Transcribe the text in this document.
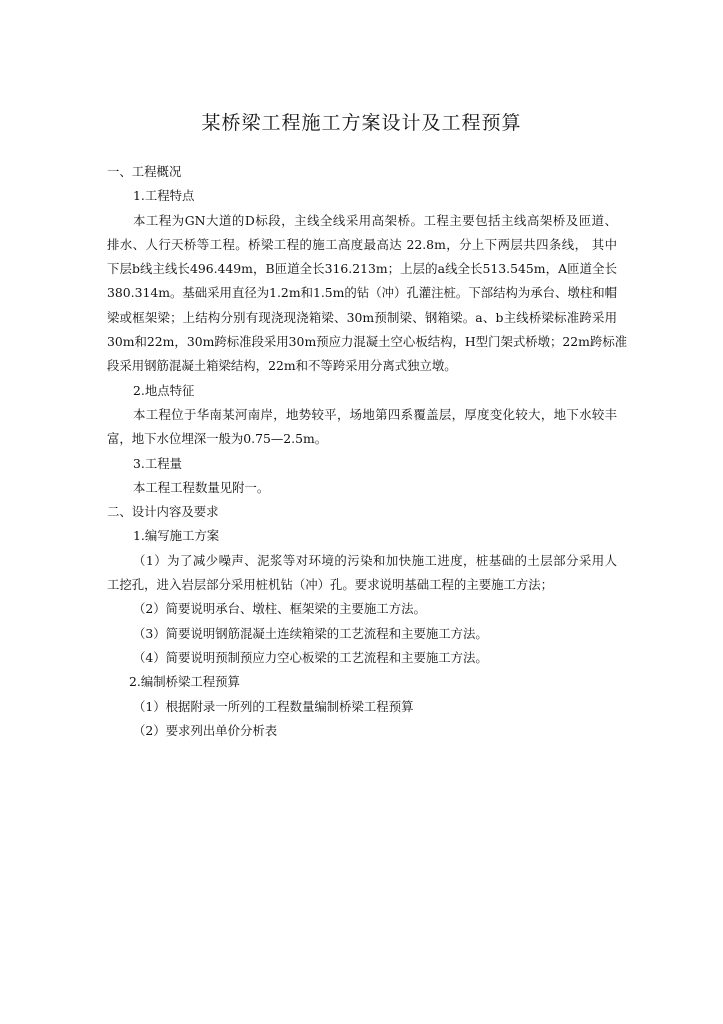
某桥梁工程施工方案设计及工程预算
一、工程概况
1.工程特点
本工程为GN大道的D标段，主线全线采用高架桥。工程主要包括主线高架桥及匝道、
排水、人行天桥等工程。桥梁工程的施工高度最高达 22.8m，分上下两层共四条线， 其中
下层b线主线长496.449m，B匝道全长316.213m；上层的a线全长513.545m，A匝道全长
380.314m。基础采用直径为1.2m和1.5m的钻（冲）孔灌注桩。下部结构为承台、墩柱和帽
梁或框架梁；上结构分别有现浇现浇箱梁、30m预制梁、钢箱梁。a、b主线桥梁标准跨采用
30m和22m，30m跨标准段采用30m预应力混凝土空心板结构，H型门架式桥墩；22m跨标准
段采用钢筋混凝土箱梁结构，22m和不等跨采用分离式独立墩。
2.地点特征
本工程位于华南某河南岸，地势较平，场地第四系覆盖层，厚度变化较大，地下水较丰
富，地下水位埋深一般为0.75—2.5m。
3.工程量
本工程工程数量见附一。
二、设计内容及要求
1.编写施工方案
（1）为了减少噪声、泥浆等对环境的污染和加快施工进度，桩基础的土层部分采用人
工挖孔，进入岩层部分采用桩机钻（冲）孔。要求说明基础工程的主要施工方法；
（2）简要说明承台、墩柱、框架梁的主要施工方法。
（3）简要说明钢筋混凝土连续箱梁的工艺流程和主要施工方法。
（4）简要说明预制预应力空心板梁的工艺流程和主要施工方法。
2.编制桥梁工程预算
（1）根据附录一所列的工程数量编制桥梁工程预算
（2）要求列出单价分析表
